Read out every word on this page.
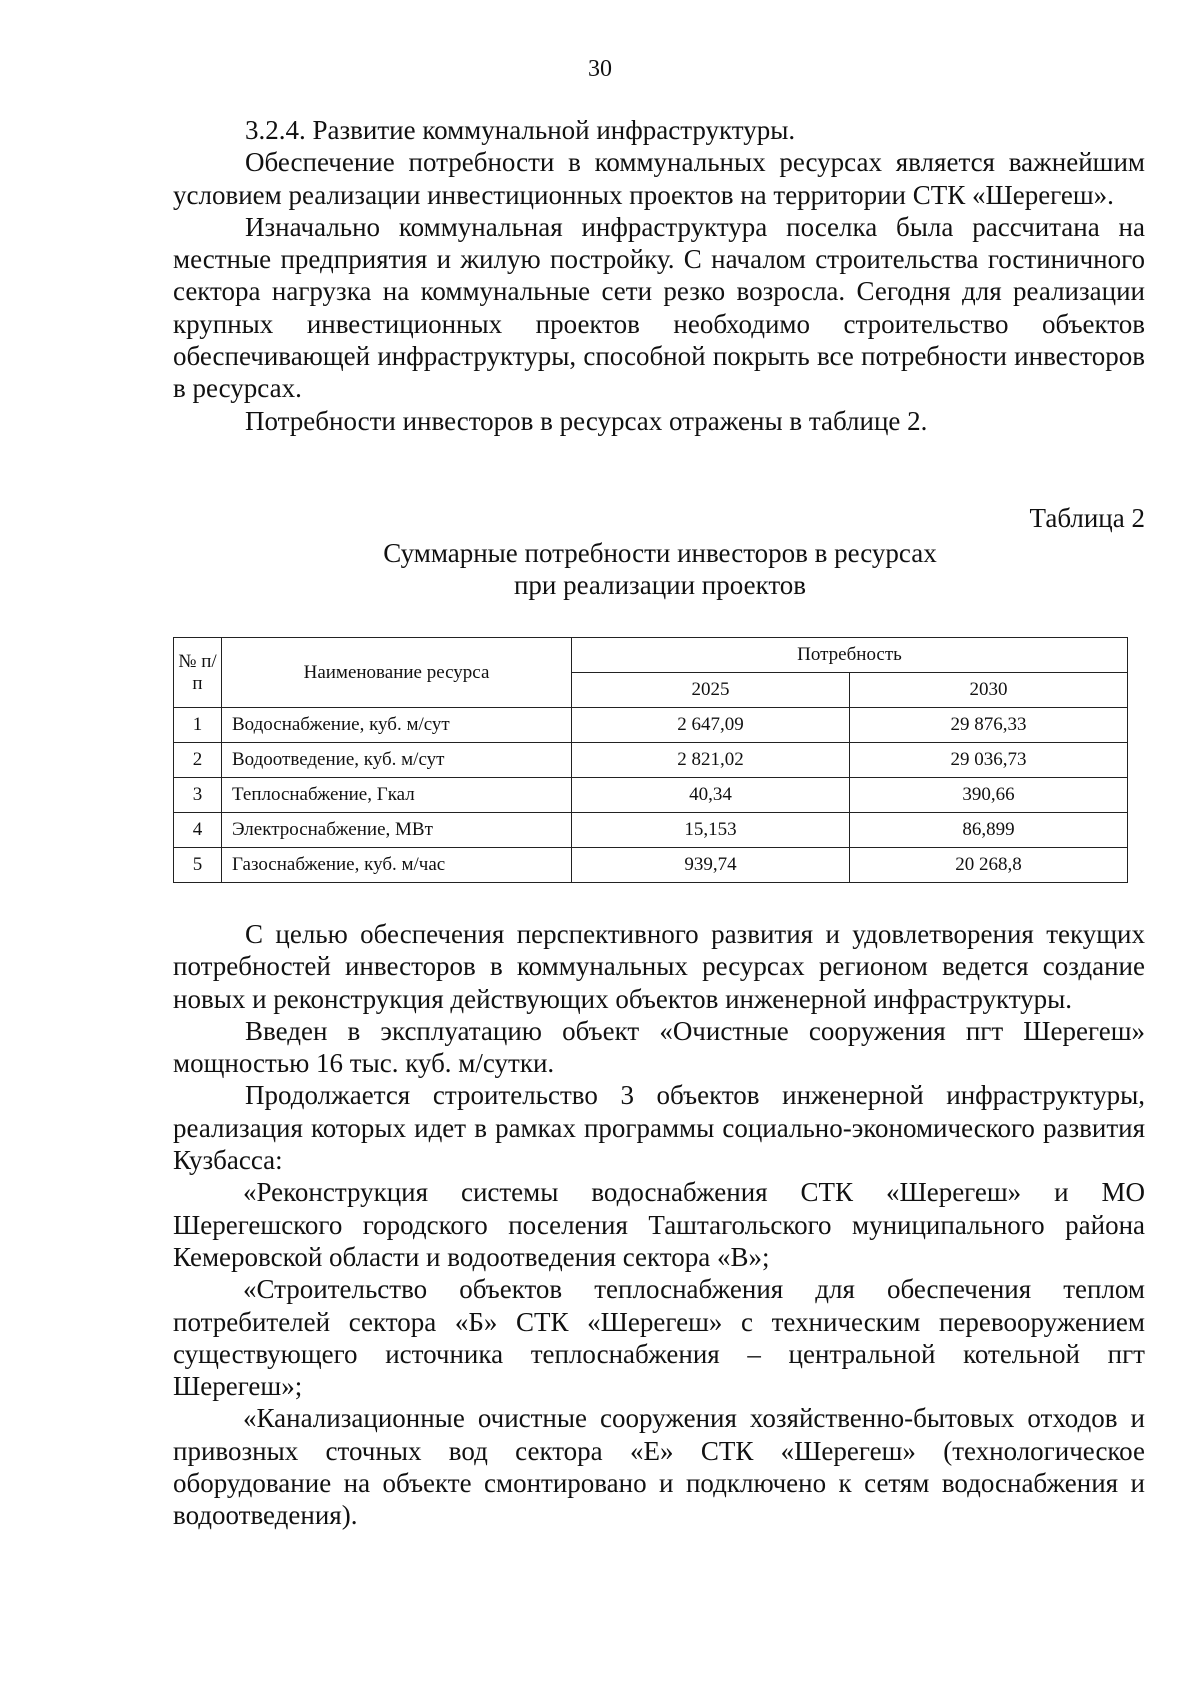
30

3.2.4. Развитие коммунальной инфраструктуры.

Обеспечение потребности в коммунальных ресурсах является важнейшим условием реализации инвестиционных проектов на территории СТК «Шерегеш».

Изначально коммунальная инфраструктура поселка была рассчитана на местные предприятия и жилую постройку. С началом строительства гостиничного сектора нагрузка на коммунальные сети резко возросла. Сегодня для реализации крупных инвестиционных проектов необходимо строительство объектов обеспечивающей инфраструктуры, способной покрыть все потребности инвесторов в ресурсах.

Потребности инвесторов в ресурсах отражены в таблице 2.

Таблица 2
Суммарные потребности инвесторов в ресурсах
при реализации проектов
№ п/п	Наименование ресурса	Потребность	
		2025	2030
1	Водоснабжение, куб. м/сут	2 647,09	29 876,33
2	Водоотведение, куб. м/сут	2 821,02	29 036,73
3	Теплоснабжение, Гкал	40,34	390,66
4	Электроснабжение, МВт	15,153	86,899
5	Газоснабжение, куб. м/час	939,74	20 268,8

С целью обеспечения перспективного развития и удовлетворения текущих потребностей инвесторов в коммунальных ресурсах регионом ведется создание новых и реконструкция действующих объектов инженерной инфраструктуры.

Введен в эксплуатацию объект «Очистные сооружения пгт Шерегеш» мощностью 16 тыс. куб. м/сутки.

Продолжается строительство 3 объектов инженерной инфраструктуры, реализация которых идет в рамках программы социально-экономического развития Кузбасса:

«Реконструкция системы водоснабжения СТК «Шерегеш» и МО Шерегешского городского поселения Таштагольского муниципального района Кемеровской области и водоотведения сектора «В»;

«Строительство объектов теплоснабжения для обеспечения теплом потребителей сектора «Б» СТК «Шерегеш» с техническим перевооружением существующего источника теплоснабжения – центральной котельной пгт Шерегеш»;

«Канализационные очистные сооружения хозяйственно-бытовых отходов и привозных сточных вод сектора «Е» СТК «Шерегеш» (технологическое оборудование на объекте смонтировано и подключено к сетям водоснабжения и водоотведения).
